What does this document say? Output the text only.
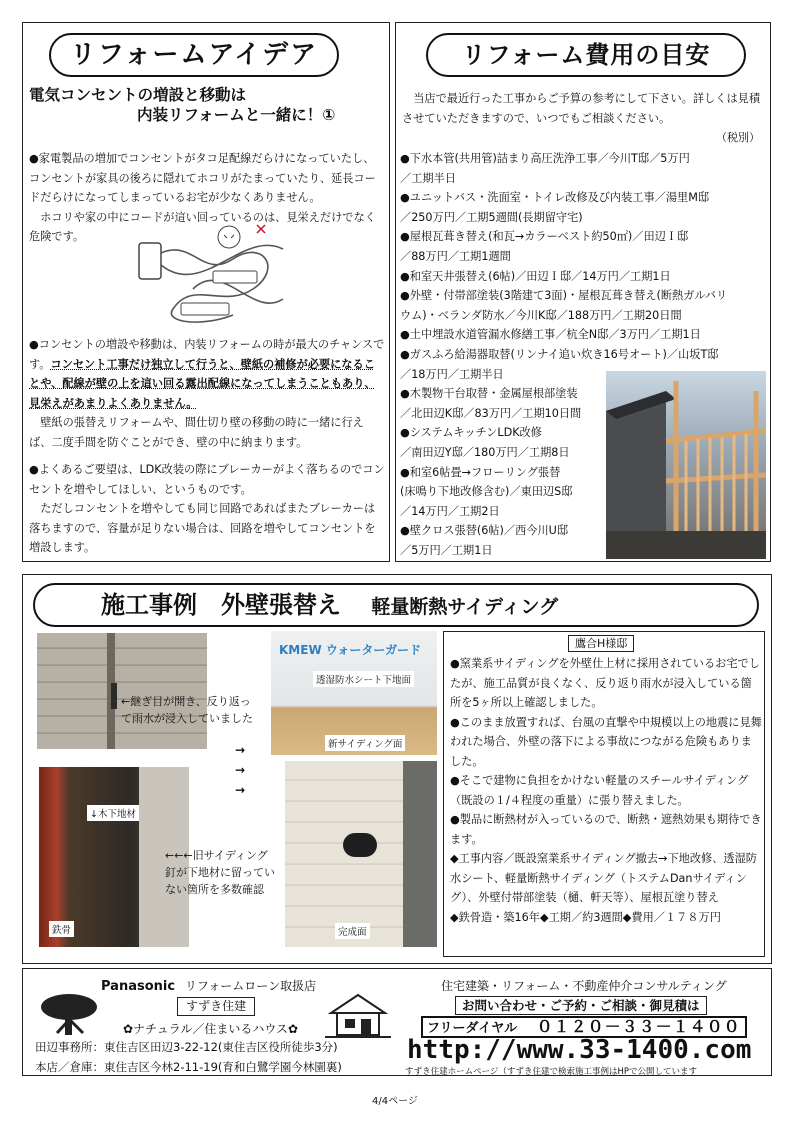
リフォームアイデア
電気コンセントの増設と移動は
内装リフォームと一緒に！①

●家電製品の増加でコンセントがタコ足配線だらけになっていたし、コンセントが家具の後ろに隠れてホコリがたまっていたり、延長コードだらけになってしまっているお宅が少なくありません。

　ホコリや家の中にコードが這い回っているのは、見栄えだけでなく危険です。

●コンセントの増設や移動は、内装リフォームの時が最大のチャンスです。コンセント工事だけ独立して行うと、壁紙の補修が必要になることや、配線が壁の上を這い回る露出配線になってしまうこともあり、見栄えがあまりよくありません。

　壁紙の張替えリフォームや、間仕切り壁の移動の時に一緒に行えば、二度手間を防ぐことができ、壁の中に納まります。

●よくあるご要望は、LDK改装の際にブレーカーがよく落ちるのでコンセントを増やしてほしい、というものです。

　ただしコンセントを増やしても同じ回路であればまたブレーカーは落ちますので、容量が足りない場合は、回路を増やしてコンセントを増設します。

リフォーム費用の目安

　当店で最近行った工事からご予算の参考にして下さい。詳しくは見積させていただきますので、いつでもご相談ください。

（税別）
●下水本管(共用管)詰まり高圧洗浄工事／今川T邸／5万円
／工期半日
●ユニットバス・洗面室・トイレ改修及び内装工事／湯里M邸
／250万円／工期5週間(長期留守宅)
●屋根瓦葺き替え(和瓦→カラーベスト約50㎡)／田辺Ｉ邸
／88万円／工期1週間
●和室天井張替え(6帖)／田辺Ｉ邸／14万円／工期1日
●外壁・付帯部塗装(3階建て3面)・屋根瓦葺き替え(断熱ガルバリ
ウム)・ベランダ防水／今川K邸／188万円／工期20日間
●土中埋設水道管漏水修繕工事／杭全N邸／3万円／工期1日
●ガスふろ給湯器取替(リンナイ追い炊き16号オート)／山坂T邸
／18万円／工期半日
●木製物干台取替・金属屋根部塗装
／北田辺K邸／83万円／工期10日間
●システムキッチンLDK改修
／南田辺Y邸／180万円／工期8日
●和室6帖畳→フローリング張替
(床鳴り下地改修含む)／東田辺S邸
／14万円／工期2日
●壁クロス張替(6帖)／西今川U邸
／5万円／工期1日
施工事例　外壁張替え 軽量断熱サイディング
←継ぎ目が開き、反り返って雨水が浸入していました
→
→
→
KMEW ウォーターガード
透湿防水シート下地面
新サイディング面
↓木下地材
鉄骨
←←←旧サイディング釘が下地材に留っていない箇所を多数確認
完成面
鷹合H様邸

●窯業系サイディングを外壁仕上材に採用されているお宅でしたが、施工品質が良くなく、反り返り雨水が浸入している箇所を5ヶ所以上確認しました。

●このまま放置すれば、台風の直撃や中規模以上の地震に見舞われた場合、外壁の落下による事故につながる危険もありました。

●そこで建物に負担をかけない軽量のスチールサイディング（既設の１/４程度の重量）に張り替えました。

●製品に断熱材が入っているので、断熱・遮熱効果も期待できます。

◆工事内容／既設窯業系サイディング撤去→下地改修、透湿防水シート、軽量断熱サイディング（トステムDanサイディング）、外壁付帯部塗装（樋、軒天等）、屋根瓦塗り替え

◆鉄骨造・築16年◆工期／約3週間◆費用／１７８万円

Panasonic リフォームローン取扱店
すずき住建
✿ナチュラル／住まいるハウス✿
田辺事務所：東住吉区田辺3-22-12(東住吉区役所徒歩3分)
本店／倉庫：東住吉区今林2-11-19(育和白鷺学園今林園裏)
住宅建築・リフォーム・不動産仲介コンサルティング
お問い合わせ・ご予約・ご相談・御見積は
フリーダイヤル ０１２０－３３－１４００
http://www.33-1400.com
すずき住建ホームページ（すずき住建で検索施工事例はHPで公開しています
4/4ページ
